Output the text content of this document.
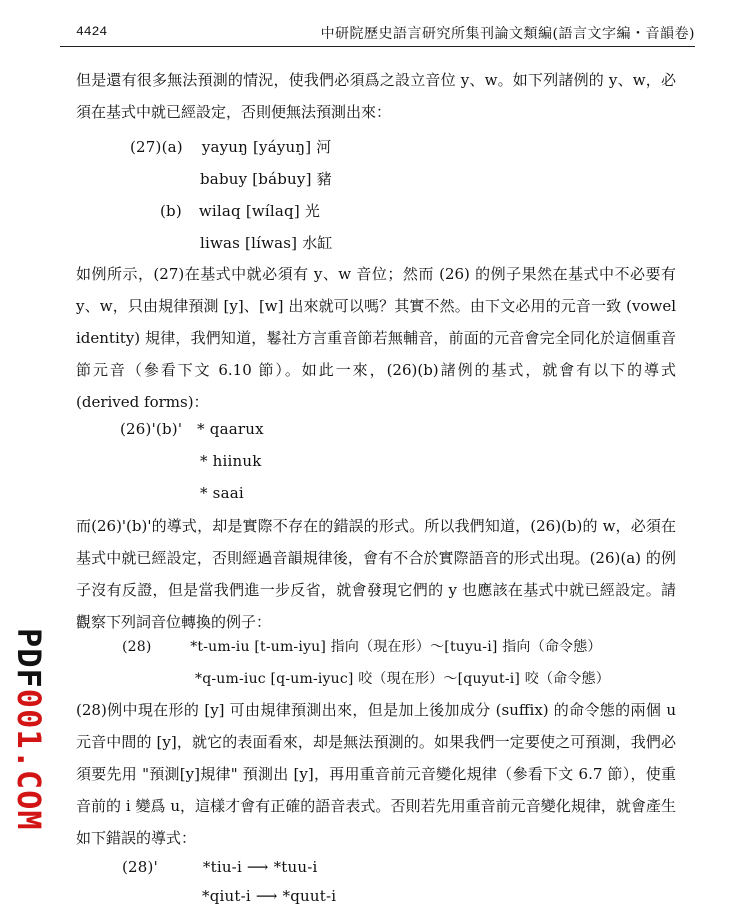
4424	中研院歷史語言研究所集刊論文類編(語言文字編・音韻卷)
但是還有很多無法預測的情況，使我們必須爲之設立音位 y、w。如下列諸例的 y、w，必須在基式中就已經設定，否則便無法預測出來：
(27)(a) yayuŋ [yáyuŋ] 河
babuy [bábuy] 豬
(b) wilaq [wílaq] 光
liwas [líwas] 水缸
如例所示，(27)在基式中就必須有 y、w 音位；然而 (26) 的例子果然在基式中不必要有 y、w，只由規律預測 [y]、[w] 出來就可以嗎？其實不然。由下文必用的元音一致 (vowel identity) 規律，我們知道，鬈社方言重音節若無輔音，前面的元音會完全同化於這個重音節元音（參看下文 6.10 節）。如此一來，(26)(b)諸例的基式，就會有以下的導式 (derived forms)：
(26)'(b)' * qaarux
* hiinuk
* saai
而(26)'(b)'的導式，却是實際不存在的錯誤的形式。所以我們知道，(26)(b)的 w，必須在基式中就已經設定，否則經過音韻規律後，會有不合於實際語音的形式出現。(26)(a) 的例子沒有反證，但是當我們進一步反省，就會發現它們的 y 也應該在基式中就已經設定。請觀察下列詞音位轉換的例子：
(28)	*t-um-iu [t-um-iyu] 指向（現在形）～[tuyu-i] 指向（命令態）
*q-um-iuc [q-um-iyuc] 咬（現在形）～[quyut-i] 咬（命令態）
(28)例中現在形的 [y] 可由規律預測出來，但是加上後加成分 (suffix) 的命令態的兩個 u 元音中間的 [y]，就它的表面看來，却是無法預測的。如果我們一定要使之可預測，我們必須要先用 "預測[y]規律" 預測出 [y]，再用重音前元音變化規律（參看下文 6.7 節），使重音前的 i 變爲 u，這樣才會有正確的語音表式。否則若先用重音前元音變化規律，就會產生如下錯誤的導式：
(28)'	*tiu-i ⟶ *tuu-i
*qiut-i ⟶ *quut-i
PDF001.COM
